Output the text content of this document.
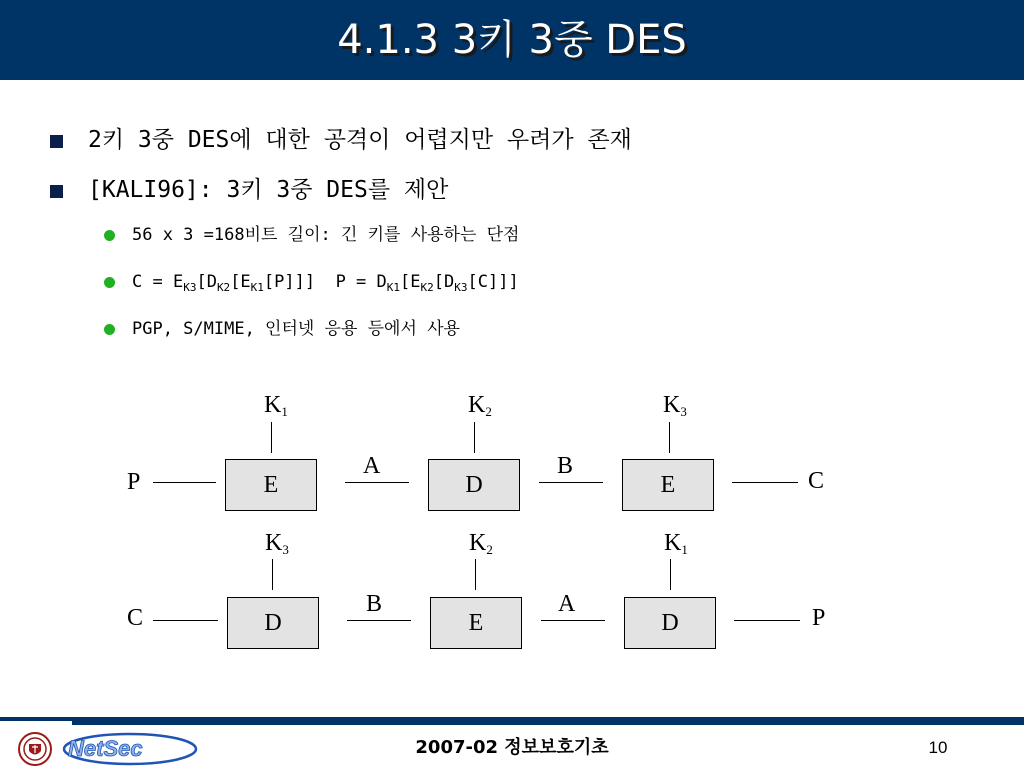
4.1.3 3키 3중 DES
2키 3중 DES에 대한 공격이 어렵지만 우려가 존재
[KALI96]: 3키 3중 DES를 제안
56 x 3 =168비트 길이: 긴 키를 사용하는 단점
$C = E_{K3}[D_{K2}[E_{K1}[P]]] P = D_{K1}[E_{K2}[D_{K3}[C]]]$
PGP, S/MIME, 인터넷 응용 등에서 사용
P	E
A
D
B
E	C
$K_1$	$K_2$	$K_3$
C	D
B
E
A
D	P
$K_3$	$K_2$	$K_1$
NetSec	2007-02 정보보호기초	10
